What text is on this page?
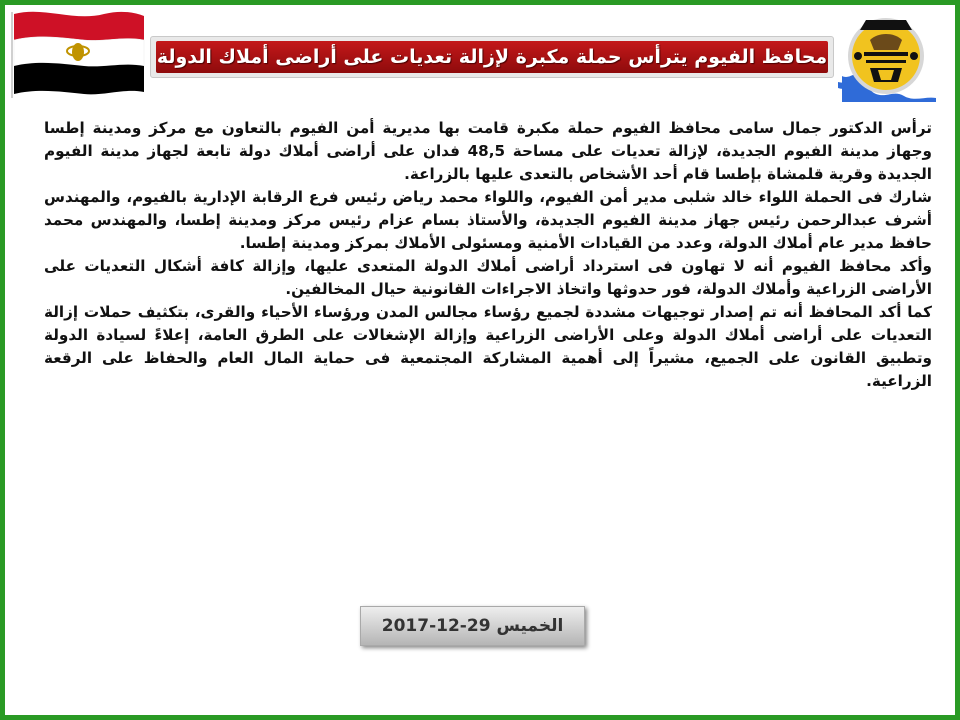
محافظ الفيوم يترأس حملة مكبرة لإزالة تعديات على أراضى أملاك الدولة

ترأس الدكتور جمال سامى محافظ الفيوم حملة مكبرة قامت بها مديرية أمن الفيوم بالتعاون مع مركز ومدينة إطسا وجهاز مدينة الفيوم الجديدة، لإزالة تعديات على مساحة 48,5 فدان على أراضى أملاك دولة تابعة لجهاز مدينة الفيوم الجديدة وقرية قلمشاة بإطسا قام أحد الأشخاص بالتعدى عليها بالزراعة.

شارك فى الحملة اللواء خالد شلبى مدير أمن الفيوم، واللواء محمد رياض رئيس فرع الرقابة الإدارية بالفيوم، والمهندس أشرف عبدالرحمن رئيس جهاز مدينة الفيوم الجديدة، والأستاذ بسام عزام رئيس مركز ومدينة إطسا، والمهندس محمد حافظ مدير عام أملاك الدولة، وعدد من القيادات الأمنية ومسئولى الأملاك بمركز ومدينة إطسا.

وأكد محافظ الفيوم أنه لا تهاون فى استرداد أراضى أملاك الدولة المتعدى عليها، وإزالة كافة أشكال التعديات على الأراضى الزراعية وأملاك الدولة، فور حدوثها واتخاذ الاجراءات القانونية حيال المخالفين.

كما أكد المحافظ أنه تم إصدار توجيهات مشددة لجميع رؤساء مجالس المدن ورؤساء الأحياء والقرى، بتكثيف حملات إزالة التعديات على أراضى أملاك الدولة وعلى الأراضى الزراعية وإزالة الإشغالات على الطرق العامة، إعلاءً لسيادة الدولة وتطبيق القانون على الجميع، مشيراً إلى أهمية المشاركة المجتمعية فى حماية المال العام والحفاظ على الرقعة الزراعية.

الخميس 29-12-2017
